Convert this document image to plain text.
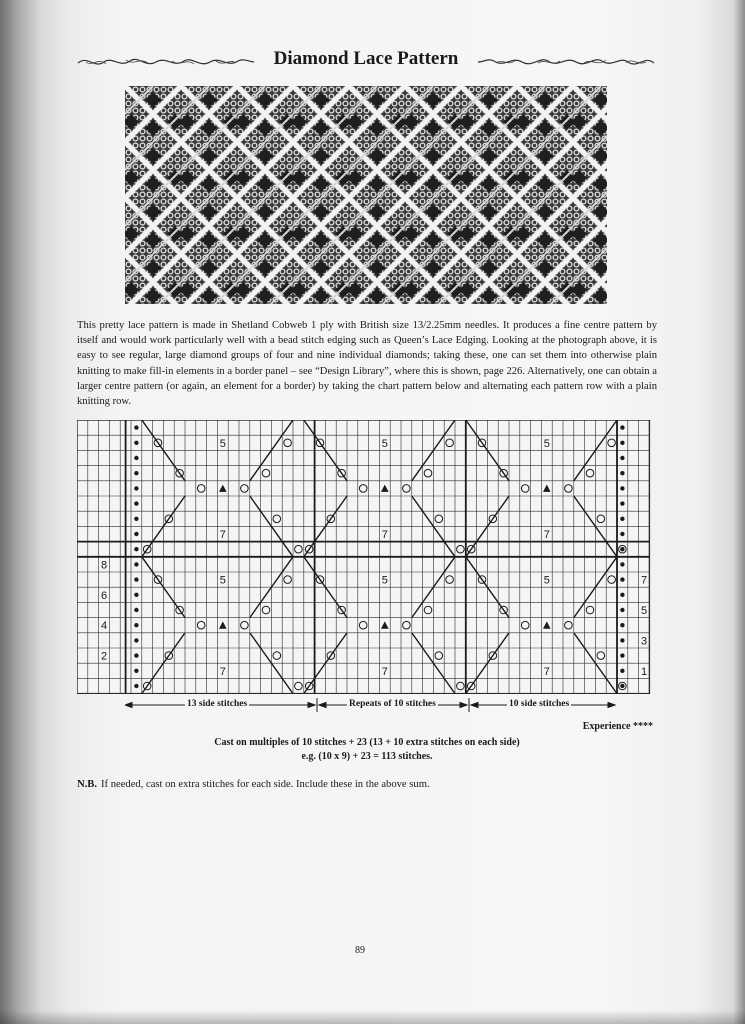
Diamond Lace Pattern
This pretty lace pattern is made in Shetland Cobweb 1 ply with British size 13/2.25mm needles. It produces a fine centre pattern by itself and would work particularly well with a bead stitch edging such as Queen’s Lace Edging. Looking at the photograph above, it is easy to see regular, large diamond groups of four and nine individual diamonds; taking these, one can set them into otherwise plain knitting to make fill-in elements in a border panel – see “Design Library”, where this is shown, page 226. Alternatively, one can obtain a larger centre pattern (or again, an element for a border) by taking the chart pattern below and alternating each pattern row with a plain knitting row.
5
7
5
7
5
7
5
7
5
7
5
7
8
6
4
2
7
5
3
1
13 side stitches	Repeats of 10 stitches	10 side stitches
Experience ****
Cast on multiples of 10 stitches + 23 (13 + 10 extra stitches on each side)
e.g. (10 x 9) + 23 = 113 stitches.
N.B. If needed, cast on extra stitches for each side. Include these in the above sum.
89
